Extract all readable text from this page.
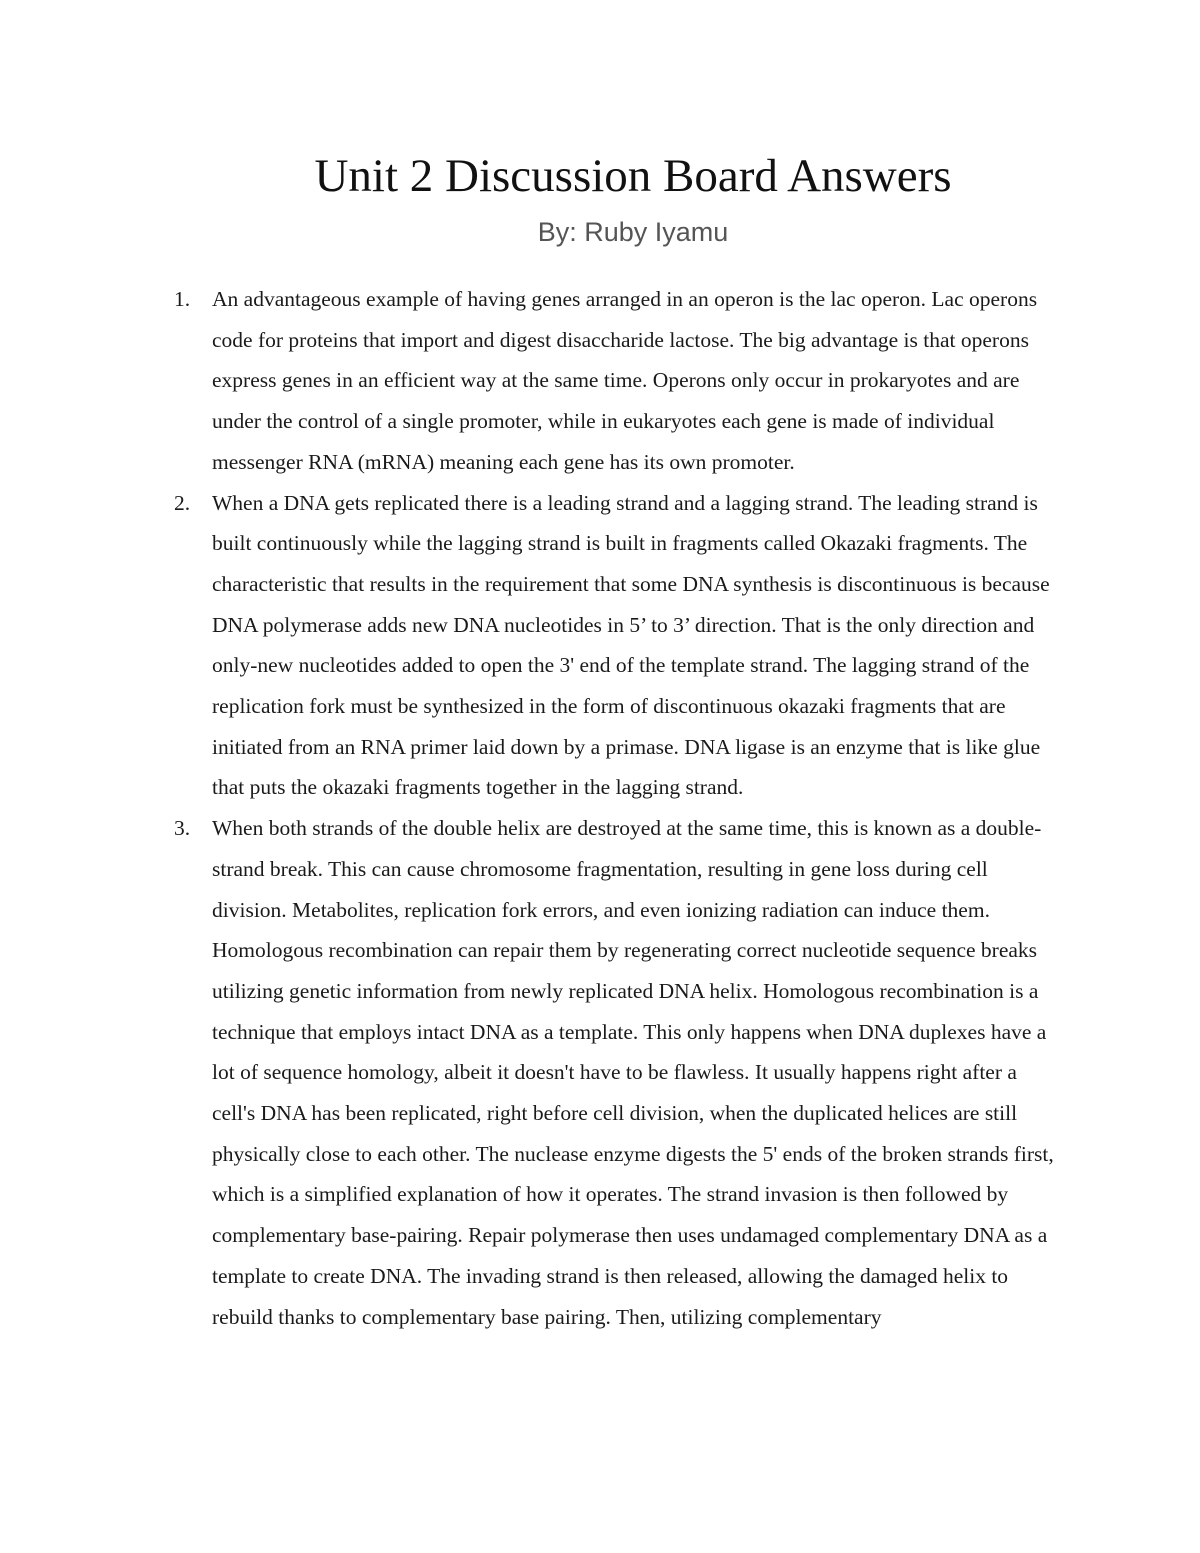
Unit 2 Discussion Board Answers
By: Ruby Iyamu
1. An advantageous example of having genes arranged in an operon is the lac operon. Lac operons code for proteins that import and digest disaccharide lactose. The big advantage is that operons express genes in an efficient way at the same time. Operons only occur in prokaryotes and are under the control of a single promoter, while in eukaryotes each gene is made of individual messenger RNA (mRNA) meaning each gene has its own promoter.
2. When a DNA gets replicated there is a leading strand and a lagging strand. The leading strand is built continuously while the lagging strand is built in fragments called Okazaki fragments. The characteristic that results in the requirement that some DNA synthesis is discontinuous is because DNA polymerase adds new DNA nucleotides in 5’ to 3’ direction. That is the only direction and only-new nucleotides added to open the 3' end of the template strand. The lagging strand of the replication fork must be synthesized in the form of discontinuous okazaki fragments that are initiated from an RNA primer laid down by a primase. DNA ligase is an enzyme that is like glue that puts the okazaki fragments together in the lagging strand.
3. When both strands of the double helix are destroyed at the same time, this is known as a double-strand break. This can cause chromosome fragmentation, resulting in gene loss during cell division. Metabolites, replication fork errors, and even ionizing radiation can induce them. Homologous recombination can repair them by regenerating correct nucleotide sequence breaks utilizing genetic information from newly replicated DNA helix. Homologous recombination is a technique that employs intact DNA as a template. This only happens when DNA duplexes have a lot of sequence homology, albeit it doesn't have to be flawless. It usually happens right after a cell's DNA has been replicated, right before cell division, when the duplicated helices are still physically close to each other. The nuclease enzyme digests the 5' ends of the broken strands first, which is a simplified explanation of how it operates. The strand invasion is then followed by complementary base-pairing. Repair polymerase then uses undamaged complementary DNA as a template to create DNA. The invading strand is then released, allowing the damaged helix to rebuild thanks to complementary base pairing. Then, utilizing complementary
